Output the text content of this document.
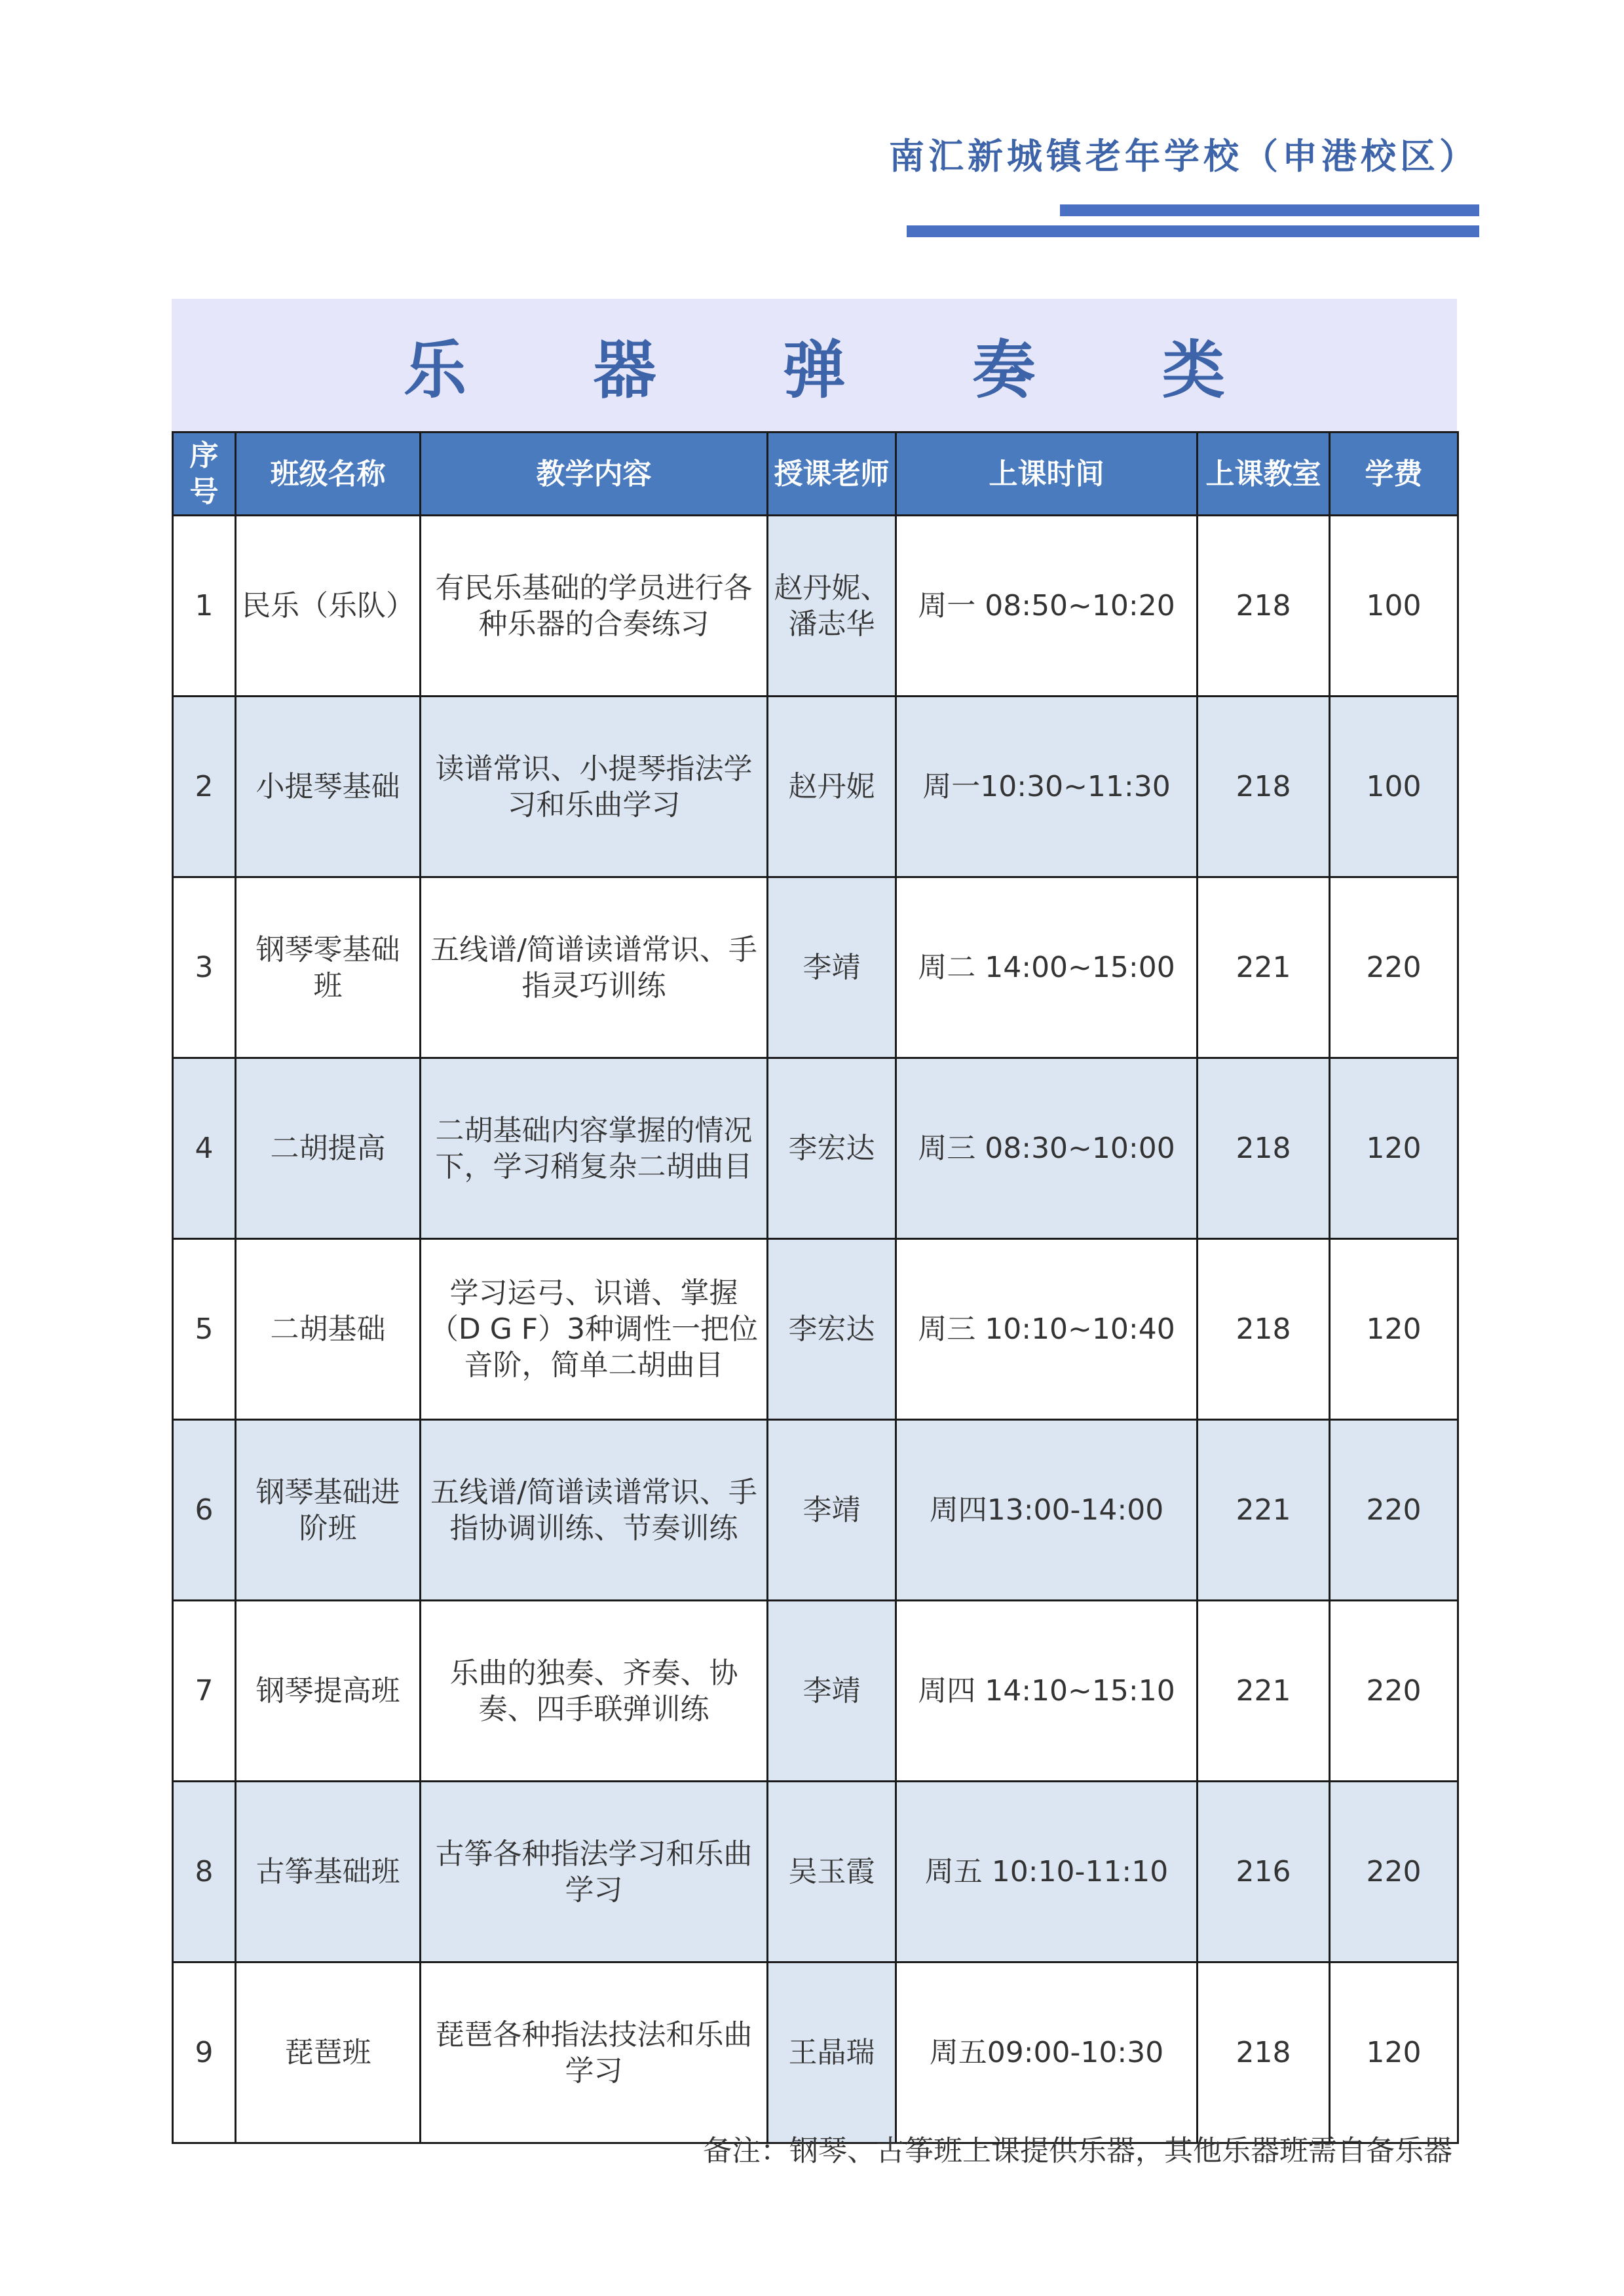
南汇新城镇老年学校（申港校区）
乐 器 弹 奏 类
序号	班级名称	教学内容	授课老师	上课时间	上课教室	学费
1	民乐（乐队）	有民乐基础的学员进行各种乐器的合奏练习	赵丹妮、潘志华	周一 08:50~10:20	218	100
2	小提琴基础	读谱常识、小提琴指法学习和乐曲学习	赵丹妮	周一10:30~11:30	218	100
3	钢琴零基础班	五线谱/简谱读谱常识、手指灵巧训练	李靖	周二 14:00~15:00	221	220
4	二胡提高	二胡基础内容掌握的情况下，学习稍复杂二胡曲目	李宏达	周三 08:30~10:00	218	120
5	二胡基础	学习运弓、识谱、掌握（D G F）3种调性一把位音阶，简单二胡曲目	李宏达	周三 10:10~10:40	218	120
6	钢琴基础进阶班	五线谱/简谱读谱常识、手指协调训练、节奏训练	李靖	周四13:00-14:00	221	220
7	钢琴提高班	乐曲的独奏、齐奏、协奏、四手联弹训练	李靖	周四 14:10~15:10	221	220
8	古筝基础班	古筝各种指法学习和乐曲学习	吴玉霞	周五 10:10-11:10	216	220
9	琵琶班	琵琶各种指法技法和乐曲学习	王晶瑞	周五09:00-10:30	218	120
备注：钢琴、古筝班上课提供乐器，其他乐器班需自备乐器
